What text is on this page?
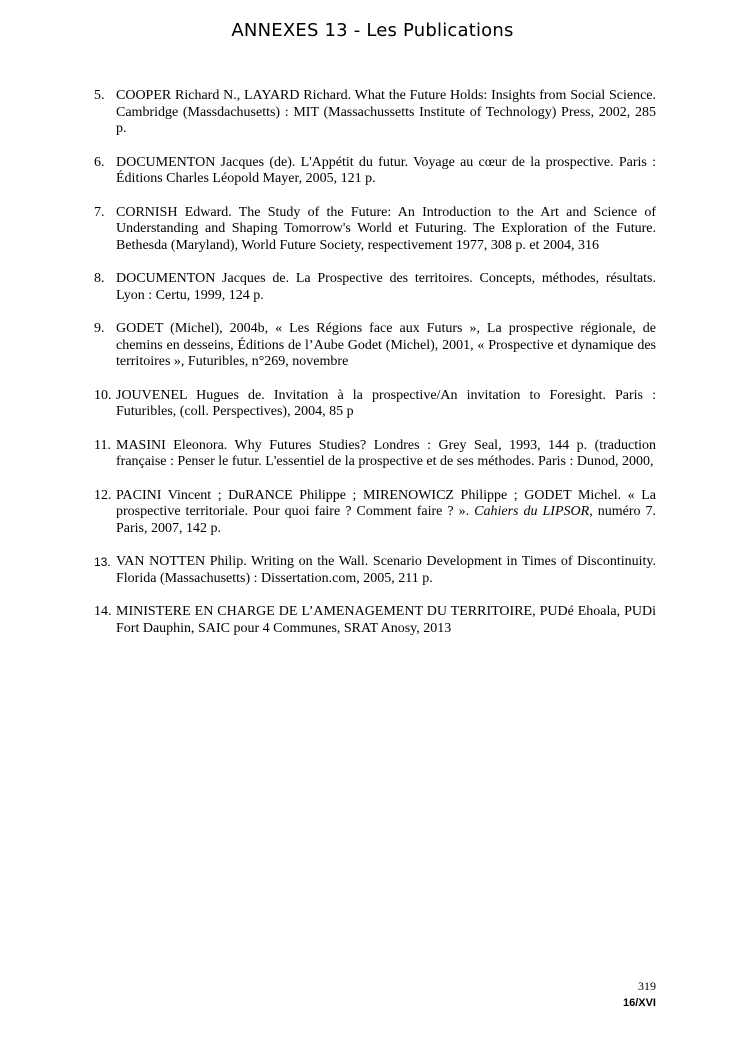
ANNEXES 13 - Les Publications
5. COOPER Richard N., LAYARD Richard. What the Future Holds: Insights from Social Science. Cambridge (Massdachusetts) : MIT (Massachussetts Institute of Technology) Press, 2002, 285 p.
6. DOCUMENTON Jacques (de). L'Appétit du futur. Voyage au cœur de la prospective. Paris : Éditions Charles Léopold Mayer, 2005, 121 p.
7. CORNISH Edward. The Study of the Future: An Introduction to the Art and Science of Understanding and Shaping Tomorrow's World et Futuring. The Exploration of the Future. Bethesda (Maryland), World Future Society, respectivement 1977, 308 p. et 2004, 316
8. DOCUMENTON Jacques de. La Prospective des territoires. Concepts, méthodes, résultats. Lyon : Certu, 1999, 124 p.
9. GODET (Michel), 2004b, « Les Régions face aux Futurs », La prospective régionale, de chemins en desseins, Éditions de l’Aube Godet (Michel), 2001, « Prospective et dynamique des territoires », Futuribles, n°269, novembre
10. JOUVENEL Hugues de. Invitation à la prospective/An invitation to Foresight. Paris : Futuribles, (coll. Perspectives), 2004, 85 p
11. MASINI Eleonora. Why Futures Studies? Londres : Grey Seal, 1993, 144 p. (traduction française : Penser le futur. L'essentiel de la prospective et de ses méthodes. Paris : Dunod, 2000,
12. PACINI Vincent ; DuRANCE Philippe ; MIRENOWICZ Philippe ; GODET Michel. « La prospective territoriale. Pour quoi faire ? Comment faire ? ». Cahiers du LIPSOR, numéro 7. Paris, 2007, 142 p.
13. VAN NOTTEN Philip. Writing on the Wall. Scenario Development in Times of Discontinuity. Florida (Massachusetts) : Dissertation.com, 2005, 211 p.
14. MINISTERE EN CHARGE DE L’AMENAGEMENT DU TERRITOIRE, PUDé Ehoala, PUDi Fort Dauphin, SAIC pour 4 Communes, SRAT Anosy, 2013
319
16/XVI
